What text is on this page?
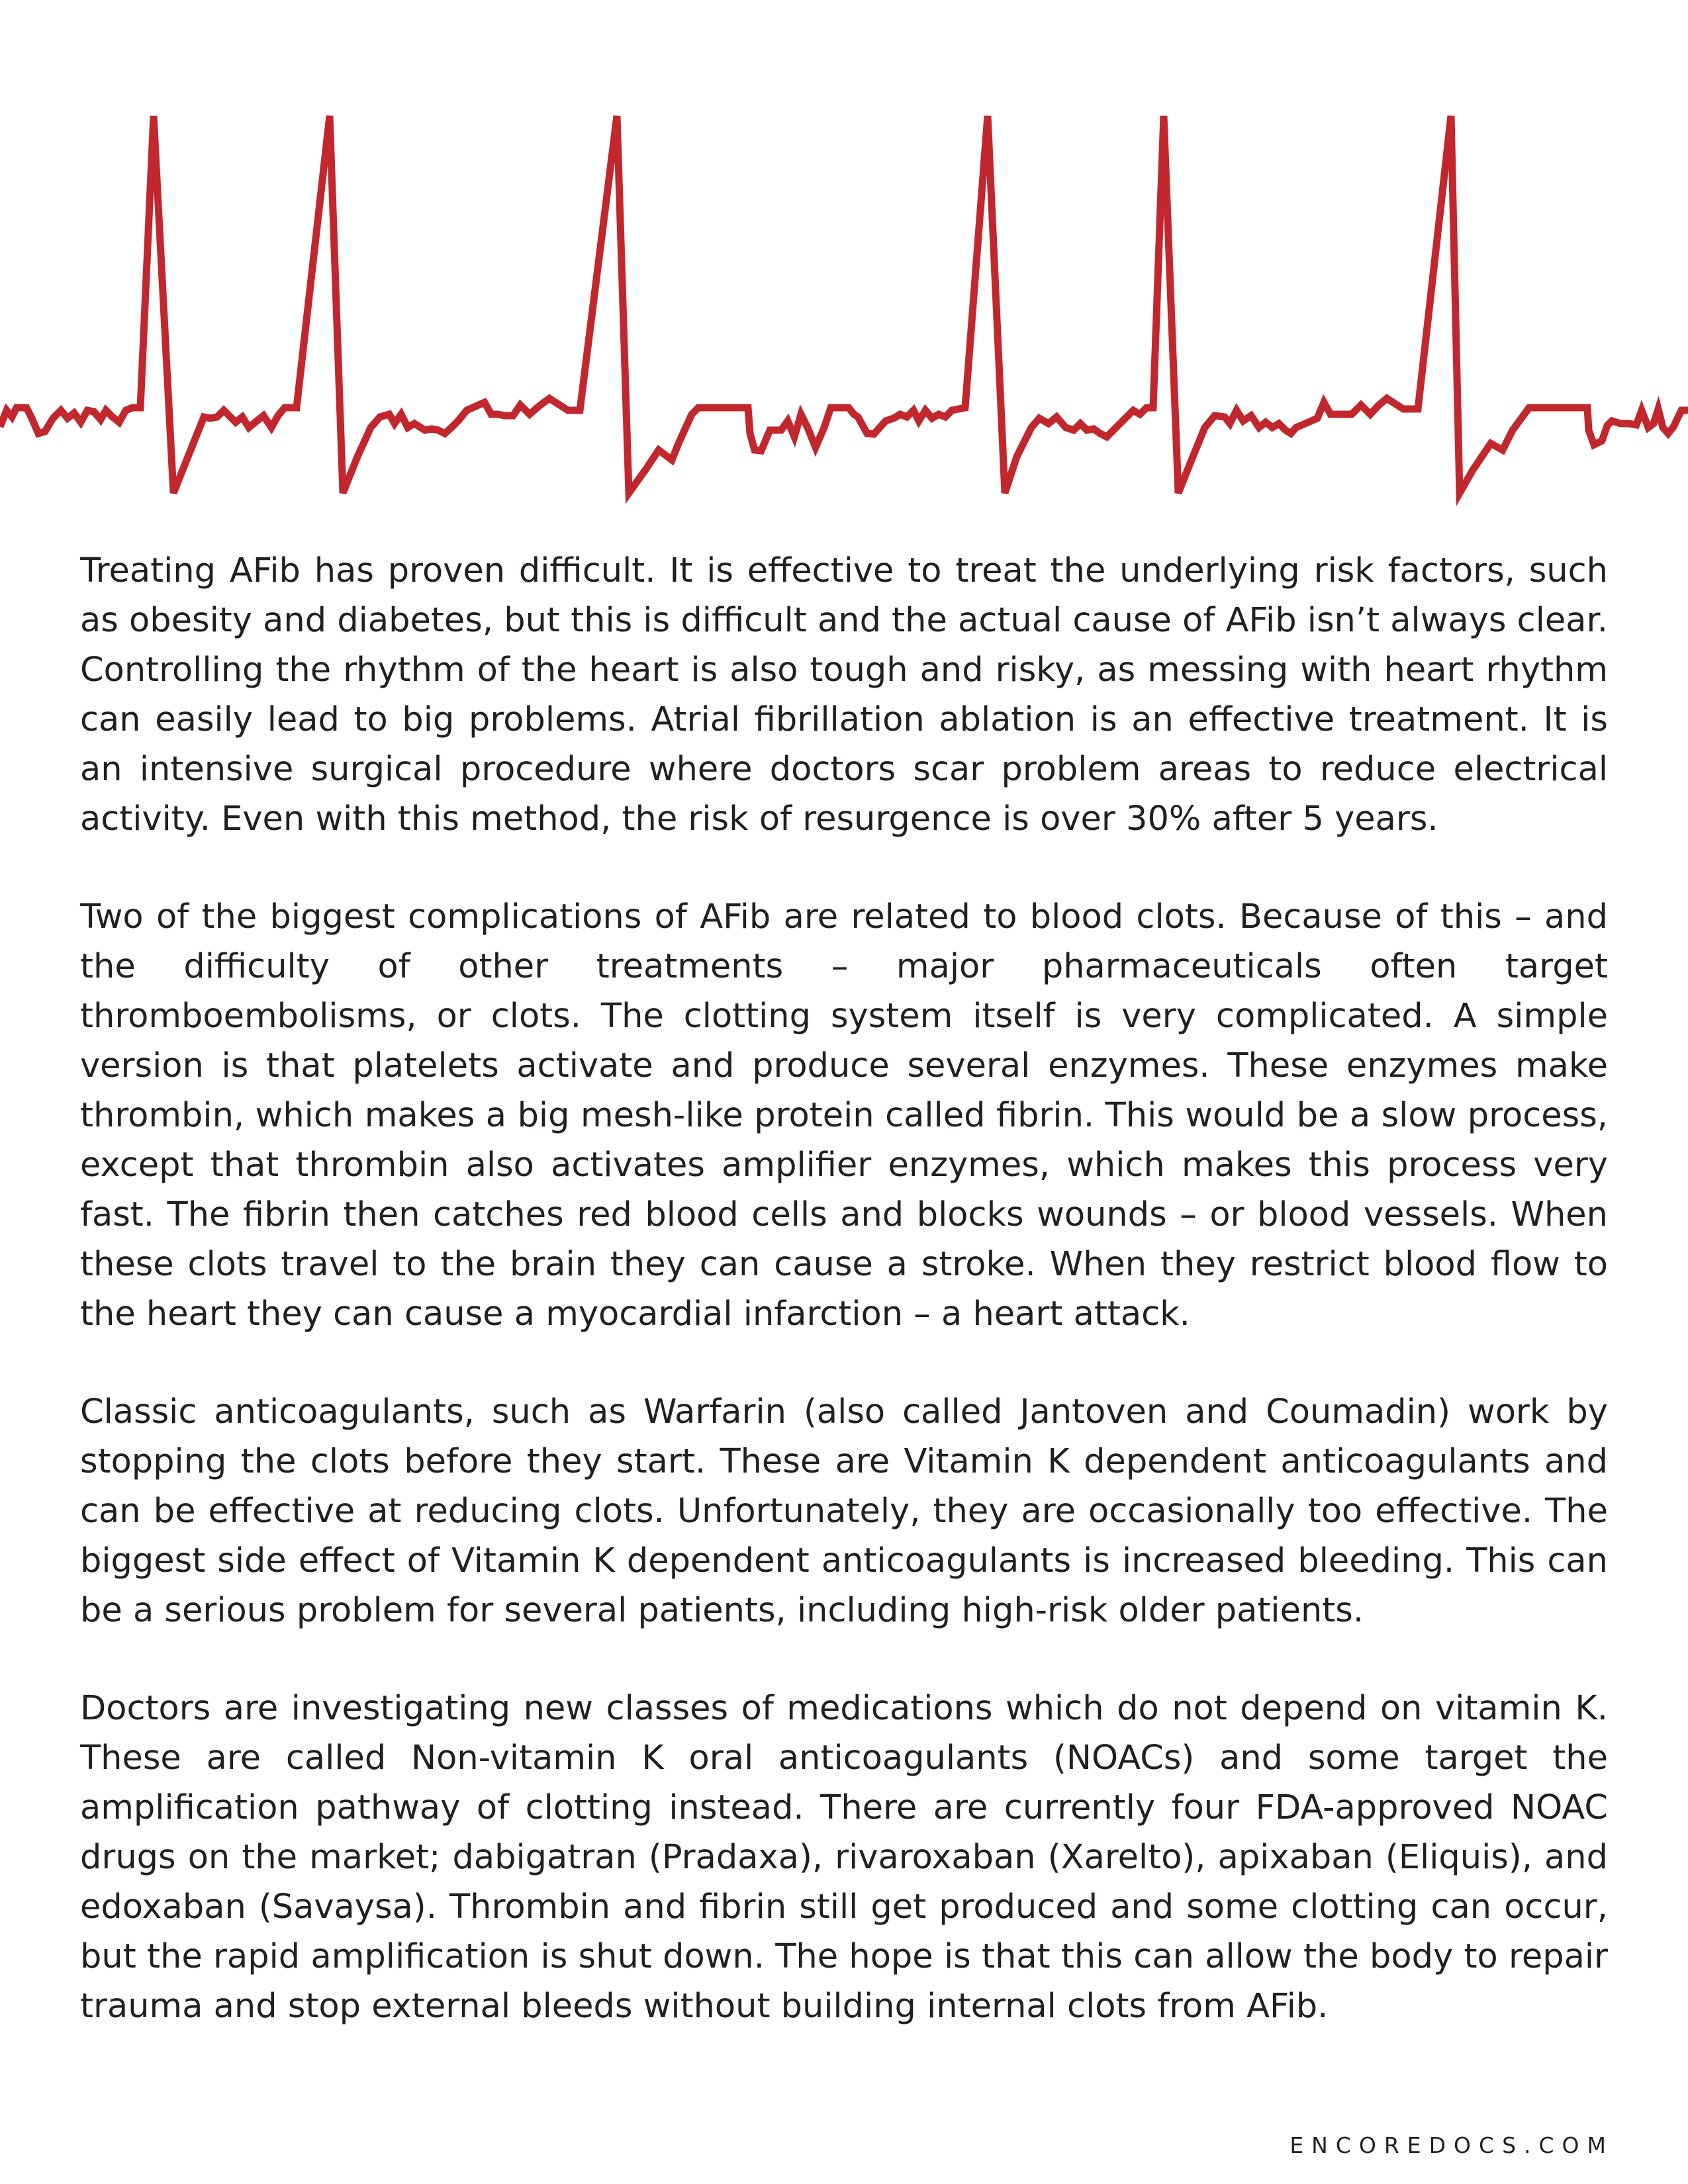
Treating AFib has proven difficult. It is effective to treat the underlying risk factors, such as obesity and diabetes, but this is difficult and the actual cause of AFib isn’t always clear. Controlling the rhythm of the heart is also tough and risky, as messing with heart rhythm can easily lead to big problems. Atrial fibrillation ablation is an effective treatment. It is an intensive surgical procedure where doctors scar problem areas to reduce electrical activity. Even with this method, the risk of resurgence is over 30% after 5 years.

Two of the biggest complications of AFib are related to blood clots. Because of this – and the difficulty of other treatments – major pharmaceuticals often target thromboembolisms, or clots. The clotting system itself is very complicated. A simple version is that platelets activate and produce several enzymes. These enzymes make thrombin, which makes a big mesh-like protein called fibrin. This would be a slow process, except that thrombin also activates amplifier enzymes, which makes this process very fast. The fibrin then catches red blood cells and blocks wounds – or blood vessels. When these clots travel to the brain they can cause a stroke. When they restrict blood flow to the heart they can cause a myocardial infarction – a heart attack.

Classic anticoagulants, such as Warfarin (also called Jantoven and Coumadin) work by stopping the clots before they start. These are Vitamin K dependent anticoagulants and can be effective at reducing clots. Unfortunately, they are occasionally too effective. The biggest side effect of Vitamin K dependent anticoagulants is increased bleeding. This can be a serious problem for several patients, including high-risk older patients.

Doctors are investigating new classes of medications which do not depend on vitamin K. These are called Non-vitamin K oral anticoagulants (NOACs) and some target the amplification pathway of clotting instead. There are currently four FDA-approved NOAC drugs on the market; dabigatran (Pradaxa), rivaroxaban (Xarelto), apixaban (Eliquis), and edoxaban (Savaysa). Thrombin and fibrin still get produced and some clotting can occur, but the rapid amplification is shut down. The hope is that this can allow the body to repair trauma and stop external bleeds without building internal clots from AFib.

ENCOREDOCS.COM
